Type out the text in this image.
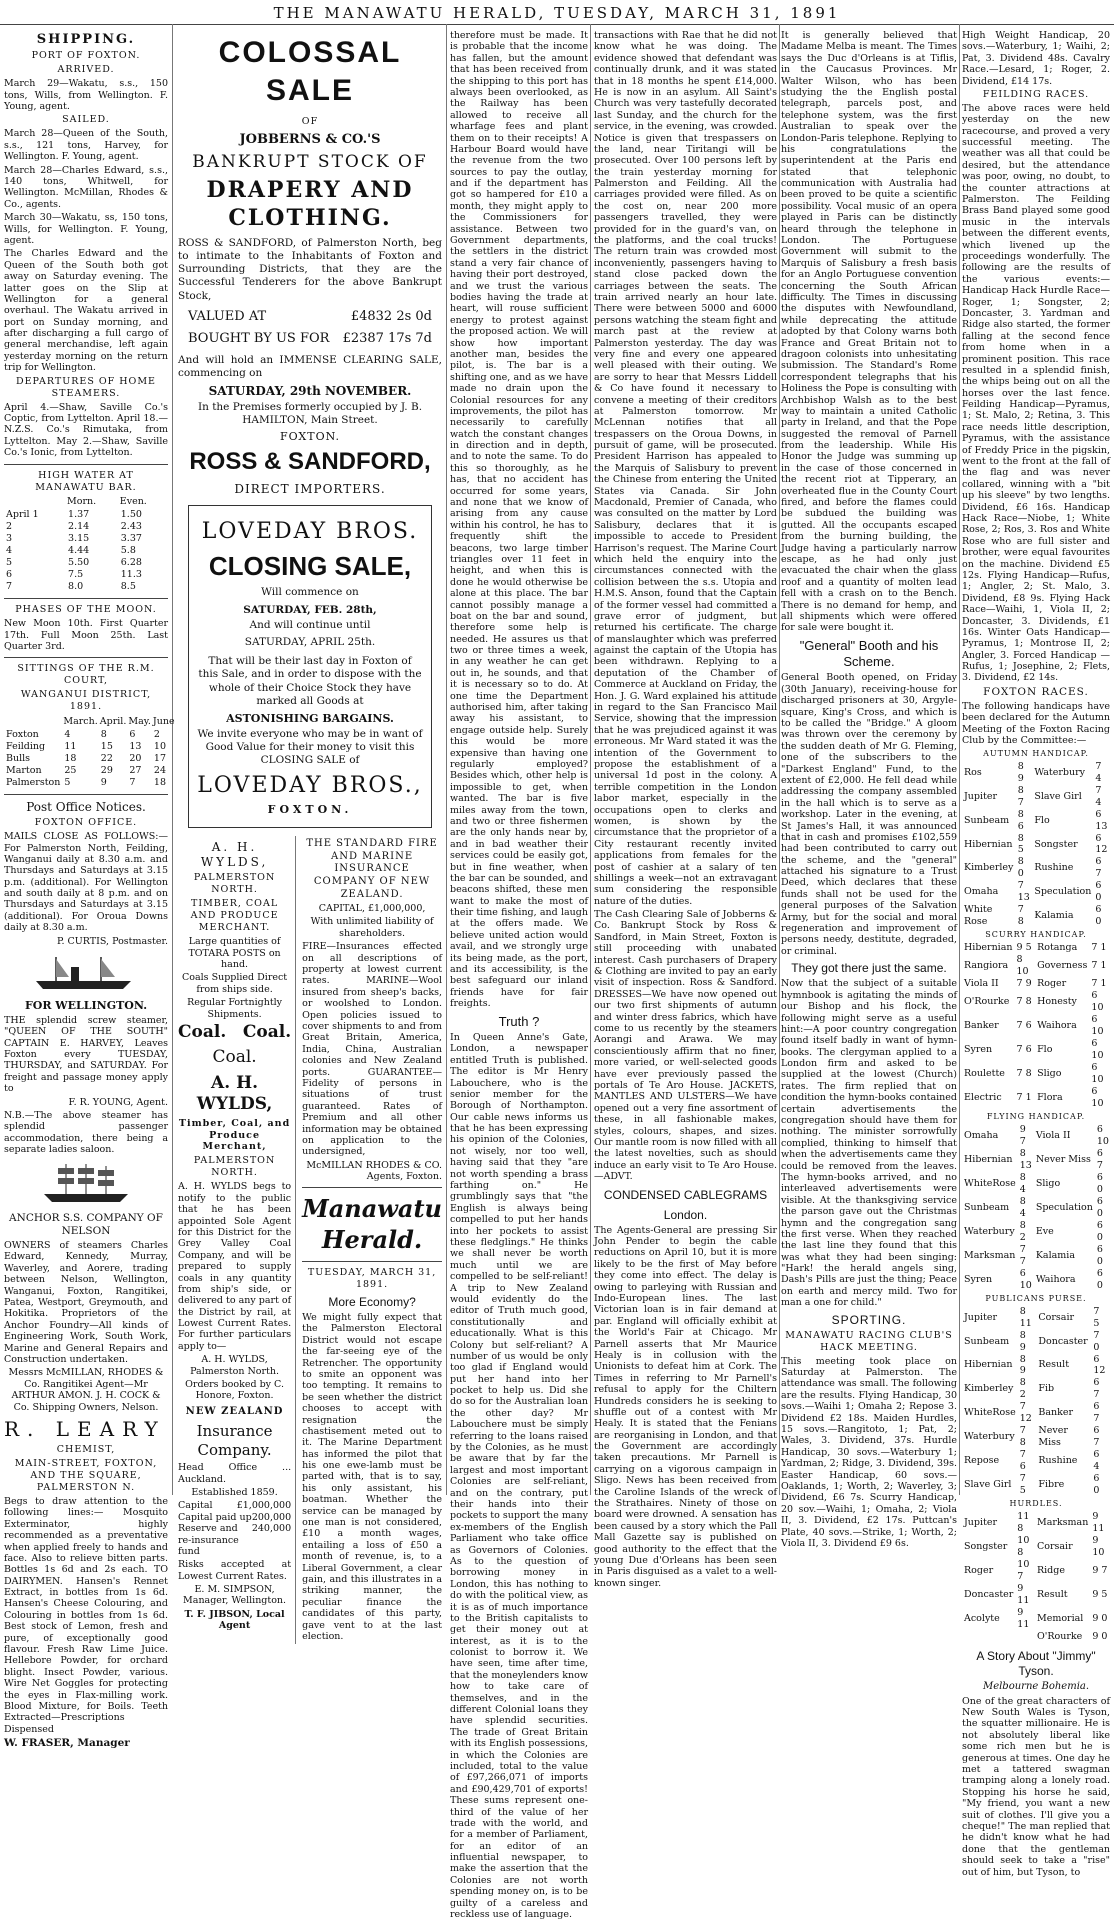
THE MANAWATU HERALD, TUESDAY, MARCH 31, 1891
SHIPPING.
PORT OF FOXTON.
ARRIVED.

March 29—Wakatu, s.s., 150 tons, Wills, from Wellington. F. Young, agent.

SAILED.

March 28—Queen of the South, s.s., 121 tons, Harvey, for Wellington. F. Young, agent.

March 28—Charles Edward, s.s., 140 tons, Whitwell, for Wellington. McMillan, Rhodes & Co., agents.

March 30—Wakatu, ss, 150 tons, Wills, for Wellington. F. Young, agent.

The Charles Edward and the Queen of the South both got away on Saturday evening. The latter goes on the Slip at Wellington for a general overhaul. The Wakatu arrived in port on Sunday morning, and after discharging a full cargo of general merchandise, left again yesterday morning on the return trip for Wellington.

DEPARTURES OF HOME STEAMERS.

April 4.—Shaw, Saville Co.'s Coptic, from Lyttelton. April 18.—N.Z.S. Co.'s Rimutaka, from Lyttelton. May 2.—Shaw, Saville Co.'s Ionic, from Lyttelton.

HIGH WATER AT MANAWATU BAR.
	Morn.	Even.
April 1	1.37	1.50
2	2.14	2.43
3	3.15	3.37
4	4.44	5.8
5	5.50	6.28
6	7.5	11.3
7	8.0	8.5
PHASES OF THE MOON.

New Moon 10th. First Quarter 17th. Full Moon 25th. Last Quarter 3rd.

SITTINGS OF THE R.M. COURT,
WANGANUI DISTRICT, 1891.
	March.	April.	May.	June
Foxton	4	8	6	2
Feilding	11	15	13	10
Bulls	18	22	20	17
Marton	25	29	27	24
Palmerston	5	9	7	18
Post Office Notices.
FOXTON OFFICE.

MAILS CLOSE AS FOLLOWS:— For Palmerston North, Feilding, Wanganui daily at 8.30 a.m. and Thursdays and Saturdays at 3.15 p.m. (additional). For Wellington and south daily at 8 p.m. and on Thursdays and Saturdays at 3.15 (additional). For Oroua Downs daily at 8.30 a.m.

P. CURTIS, Postmaster.

FOR WELLINGTON.

THE splendid screw steamer, "QUEEN OF THE SOUTH" CAPTAIN E. HARVEY, Leaves Foxton every TUESDAY, THURSDAY, and SATURDAY. For freight and passage money apply to

F. R. YOUNG, Agent.

N.B.—The above steamer has splendid passenger accommodation, there being a separate ladies saloon.

ANCHOR S.S. COMPANY OF NELSON

OWNERS of steamers Charles Edward, Kennedy, Murray, Waverley, and Aorere, trading between Nelson, Wellington, Wanganui, Foxton, Rangitikei, Patea, Westport, Greymouth, and Hokitika. Proprietors of the Anchor Foundry—All kinds of Engineering Work, South Work, Marine and General Repairs and Construction undertaken.

Messrs McMILLAN, RHODES & Co. Rangitikei Agent—Mr ARTHUR AMON. J. H. COCK & Co. Shipping Owners, Nelson.

R. LEARY
CHEMIST,
MAIN-STREET, FOXTON, AND THE SQUARE, PALMERSTON N.

Begs to draw attention to the following lines:— Mosquito Exterminator, highly recommended as a preventative when applied freely to hands and face. Also to relieve bitten parts. Bottles 1s 6d and 2s each. TO DAIRYMEN. Hansen's Rennet Extract, in bottles from 1s 6d. Hansen's Cheese Colouring, and Colouring in bottles from 1s 6d. Best stock of Lemon, fresh and pure, of exceptionally good flavour. Fresh Raw Lime Juice. Hellebore Powder, for orchard blight. Insect Powder, various. Wire Net Goggles for protecting the eyes in Flax-milling work. Blood Mixture, for Boils. Teeth Extracted—Prescriptions Dispensed

W. FRASER, Manager

COLOSSAL SALE
OF
JOBBERNS & CO.'S
BANKRUPT STOCK OF
DRAPERY AND CLOTHING.

ROSS & SANDFORD, of Palmerston North, beg to intimate to the Inhabitants of Foxton and Surrounding Districts, that they are the Successful Tenderers for the above Bankrupt Stock,

VALUED AT	£4832 2s 0d
BOUGHT BY US FOR £2387 17s 7d

And will hold an IMMENSE CLEARING SALE, commencing on

SATURDAY, 29th NOVEMBER.

In the Premises formerly occupied by J. B. HAMILTON, Main Street.

FOXTON.
ROSS & SANDFORD,
DIRECT IMPORTERS.
LOVEDAY BROS.
CLOSING SALE,
Will commence on
SATURDAY, FEB. 28th,
And will continue until
SATURDAY, APRIL 25th.

That will be their last day in Foxton of this Sale, and in order to dispose with the whole of their Choice Stock they have marked all Goods at

ASTONISHING BARGAINS.

We invite everyone who may be in want of Good Value for their money to visit this CLOSING SALE of

LOVEDAY BROS.,
FOXTON.
A. H. WYLDS,
PALMERSTON NORTH.
TIMBER, COAL AND PRODUCE MERCHANT.

Large quantities of TOTARA POSTS on hand.

Coals Supplied Direct from ships side.

Regular Fortnightly Shipments.

Coal. Coal.
Coal.
A. H. WYLDS,
Timber, Coal, and Produce Merchant,
PALMERSTON NORTH.

A. H. WYLDS begs to notify to the public that he has been appointed Sole Agent for this District for the Grey Valley Coal Company, and will be prepared to supply coals in any quantity from ship's side, or delivered to any part of the District by rail, at Lowest Current Rates. For further particulars apply to—

A. H. WYLDS, Palmerston North.

Orders booked by C. Honore, Foxton.

NEW ZEALAND
Insurance Company.

Head Office ... Auckland.

Established 1859.

Capital	£1,000,000
Capital paid up 200,000
Reserve and re-insurance fund
240,000

Risks accepted at Lowest Current Rates.

E. M. SIMPSON, Manager, Wellington.

T. F. JIBSON, Local Agent

THE STANDARD FIRE AND MARINE INSURANCE COMPANY OF NEW ZEALAND.

CAPITAL, £1,000,000,

With unlimited liability of shareholders.

FIRE—Insurances effected on all descriptions of property at lowest current rates. MARINE—Wool insured from sheep's backs, or woolshed to London. Open policies issued to cover shipments to and from Great Britain, America, India, China, Australian colonies and New Zealand ports. GUARANTEE—Fidelity of persons in situations of trust guaranteed. Rates of Premium and all other information may be obtained on application to the undersigned,

McMILLAN RHODES & CO. Agents, Foxton.

Manawatu Herald.
TUESDAY, MARCH 31, 1891.
More Economy?

We might fully expect that the Palmerston Electoral District would not escape the far-seeing eye of the Retrencher. The opportunity to smite an opponent was too tempting. It remains to be seen whether the district chooses to accept with resignation the chastisement meted out to it. The Marine Department has informed the pilot that his one ewe-lamb must be parted with, that is to say, his only assistant, his boatman. Whether the service can be managed by one man is not considered, £10 a month wages, entailing a loss of £50 a month of revenue, is, to a Liberal Government, a clear gain, and this illustrates in a striking manner, the peculiar finance the candidates of this party, gave vent to at the last election.

therefore must be made. It is probable that the income has fallen, but the amount that has been received from the shipping to this port has always been overlooked, as the Railway has been allowed to receive all wharfage fees and plant them on to their receipts! A Harbour Board would have the revenue from the two sources to pay the outlay, and if the department has got so hampered for £10 a month, they might apply to the Commissioners for assistance. Between two Government departments, the settlers in the district stand a very fair chance of having their port destroyed, and we trust the various bodies having the trade at heart, will rouse sufficient energy to protest against the proposed action. We will show how important another man, besides the pilot, is. The bar is a shifting one, and as we have made no drain upon the Colonial resources for any improvements, the pilot has necessarily to carefully watch the constant changes in direction and in depth, and to note the same. To do this so thoroughly, as he has, that no accident has occurred for some years, and none that we know of arising from any cause within his control, he has to frequently shift the beacons, two large timber triangles over 11 feet in height, and when this is done he would otherwise be alone at this place. The bar cannot possibly manage a boat on the bar and sound, therefore some help is needed. He assures us that two or three times a week, in any weather he can get out in, he sounds, and that it is necessary so to do. At one time the Department authorised him, after taking away his assistant, to engage outside help. Surely this would be more expensive than having one regularly employed? Besides which, other help is impossible to get, when wanted. The bar is five miles away from the town, and two or three fishermen are the only hands near by, and in bad weather their services could be easily got, but in fine weather, when the bar can be sounded, and beacons shifted, these men want to make the most of their time fishing, and laugh at the offers made. We believe united action would avail, and we strongly urge its being made, as the port, and its accessibility, is the best safeguard our inland friends have for fair freights.

Truth ?

In Queen Anne's Gate, London, a newspaper entitled Truth is published. The editor is Mr Henry Labouchere, who is the senior member for the Borough of Northampton. Our cable news informs us that he has been expressing his opinion of the Colonies, not wisely, nor too well, having said that they "are not worth spending a brass farthing on." He grumblingly says that "the English is always being compelled to put her hands into her pockets to assist these fledglings." He thinks we shall never be worth much until we are compelled to be self-reliant! A trip to New Zealand would evidently do the editor of Truth much good, constitutionally and educationally. What is this Colony but self-reliant? A number of us would be only too glad if England would put her hand into her pocket to help us. Did she do so for the Australian loan the other day? Mr Labouchere must be simply referring to the loans raised by the Colonies, as he must be aware that by far the largest and most important Colonies are self-reliant, and on the contrary, put their hands into their pockets to support the many ex-members of the English Parliament who take office as Governors of Colonies. As to the question of borrowing money in London, this has nothing to do with the political view, as it is as of much importance to the British capitalists to get their money out at interest, as it is to the colonist to borrow it. We have seen, time after time, that the moneylenders know how to take care of themselves, and in the different Colonial loans they have splendid securities. The trade of Great Britain with its English possessions, in which the Colonies are included, total to the value of £97,266,071 of imports and £90,429,701 of exports! These sums represent one-third of the value of her trade with the world, and for a member of Parliament, for an editor of an influential newspaper, to make the assertion that the Colonies are not worth spending money on, is to be guilty of a careless and reckless use of language.

transactions with Rae that he did not know what he was doing. The evidence showed that defendant was continually drunk, and it was stated that in 18 months he spent £14,000. He is now in an asylum. All Saint's Church was very tastefully decorated last Sunday, and the church for the service, in the evening, was crowded. Notice is given that trespassers on the land, near Tiritangi will be prosecuted. Over 100 persons left by the train yesterday morning for Palmerston and Feilding. All the carriages provided were filled. As on the cost on, near 200 more passengers travelled, they were provided for in the guard's van, on the platforms, and the coal trucks! The return train was crowded most inconveniently, passengers having to stand close packed down the carriages between the seats. The train arrived nearly an hour late. There were between 5000 and 6000 persons watching the steam fight and march past at the review at Palmerston yesterday. The day was very fine and every one appeared well pleased with their outing. We are sorry to hear that Messrs Liddell & Co have found it necessary to convene a meeting of their creditors at Palmerston tomorrow. Mr McLennan notifies that all trespassers on the Oroua Downs, in pursuit of game, will be prosecuted. President Harrison has appealed to the Marquis of Salisbury to prevent the Chinese from entering the United States via Canada. Sir John Macdonald, Premier of Canada, who was consulted on the matter by Lord Salisbury, declares that it is impossible to accede to President Harrison's request. The Marine Court which held the enquiry into the circumstances connected with the collision between the s.s. Utopia and H.M.S. Anson, found that the Captain of the former vessel had committed a grave error of judgment, but returned his certificate. The charge of manslaughter which was preferred against the captain of the Utopia has been withdrawn. Replying to a deputation of the Chamber of Commerce at Auckland on Friday, the Hon. J. G. Ward explained his attitude in regard to the San Francisco Mail Service, showing that the impression that he was prejudiced against it was erroneous. Mr Ward stated it was the intention of the Government to propose the establishment of a universal 1d post in the colony. A terrible competition in the London labor market, especially in the occupations open to clerks and women, is shown by the circumstance that the proprietor of a City restaurant recently invited applications from females for the post of cashier at a salary of ten shillings a week—not an extravagant sum considering the responsible nature of the duties.

The Cash Clearing Sale of Jobberns & Co. Bankrupt Stock by Ross & Sandford, in Main Street, Foxton is still proceeding with unabated interest. Cash purchasers of Drapery & Clothing are invited to pay an early visit of inspection. Ross & Sandford. DRESSES—We have now opened out our two first shipments of autumn and winter dress fabrics, which have come to us recently by the steamers Aorangi and Arawa. We may conscientiously affirm that no finer, more varied, or well-selected goods have ever previously passed the portals of Te Aro House. JACKETS, MANTLES AND ULSTERS—We have opened out a very fine assortment of these, in all fashionable makes, styles, colours, shapes, and sizes. Our mantle room is now filled with all the latest novelties, such as should induce an early visit to Te Aro House.—ADVT.

CONDENSED CABLEGRAMS
London.

The Agents-General are pressing Sir John Pender to begin the cable reductions on April 10, but it is more likely to be the first of May before they come into effect. The delay is owing to parleying with Russian and Indo-European lines. The last Victorian loan is in fair demand at par. England will officially exhibit at the World's Fair at Chicago. Mr Parnell asserts that Mr Maurice Healy is in collusion with the Unionists to defeat him at Cork. The Times in referring to Mr Parnell's refusal to apply for the Chiltern Hundreds considers he is seeking to shuffle out of a contest with Mr Healy. It is stated that the Fenians are reorganising in London, and that the Government are accordingly taken precautions. Mr Parnell is carrying on a vigorous campaign in Sligo. News has been received from the Caroline Islands of the wreck of the Strathaires. Ninety of those on board were drowned. A sensation has been caused by a story which the Pall Mall Gazette say is published on good authority to the effect that the young Due d'Orleans has been seen in Paris disguised as a valet to a well-known singer.

It is generally believed that Madame Melba is meant. The Times says the Duc d'Orleans is at Tiflis, in the Caucasus Provinces. Mr Walter Wilson, who has been studying the the English postal telegraph, parcels post, and telephone system, was the first Australian to speak over the London-Paris telephone. Replying to his congratulations the superintendent at the Paris end stated that telephonic communication with Australia had been proved to be quite a scientific possibility. Vocal music of an opera played in Paris can be distinctly heard through the telephone in London. The Portuguese Government will submit to the Marquis of Salisbury a fresh basis for an Anglo Portuguese convention concerning the South African difficulty. The Times in discussing the disputes with Newfoundland, while deprecating the attitude adopted by that Colony warns both France and Great Britain not to dragoon colonists into unhesitating submission. The Standard's Rome correspondent telegraphs that his Holiness the Pope is consulting with Archbishop Walsh as to the best way to maintain a united Catholic party in Ireland, and that the Pope suggested the removal of Parnell from the leadership. While His Honor the Judge was summing up in the case of those concerned in the recent riot at Tipperary, an overheated flue in the County Court fired, and before the flames could be subdued the building was gutted. All the occupants escaped from the burning building, the Judge having a particularly narrow escape, as he had only just evacuated the chair when the glass roof and a quantity of molten lead fell with a crash on to the Bench. There is no demand for hemp, and all shipments which were offered for sale were bought it.

"General" Booth and his Scheme.

General Booth opened, on Friday (30th January), receiving-house for discharged prisoners at 30, Argyle-square, King's Cross, and which is to be called the "Bridge." A gloom was thrown over the ceremony by the sudden death of Mr G. Fleming, one of the subscribers to the "Darkest England" Fund, to the extent of £2,000. He fell dead while addressing the company assembled in the hall which is to serve as a workshop. Later in the evening, at St James's Hall, it was announced that in cash and promises £102,559 had been contributed to carry out the scheme, and the "general" attached his signature to a Trust Deed, which declares that these funds shall not be used for the general purposes of the Salvation Army, but for the social and moral regeneration and improvement of persons needy, destitute, degraded, or criminal.

They got there just the same.

Now that the subject of a suitable hymnbook is agitating the minds of our Bishop and his flock, the following might serve as a useful hint:—A poor country congregation found itself badly in want of hymn-books. The clergyman applied to a London firm and asked to be supplied at the lowest (Church) rates. The firm replied that on condition the hymn-books contained certain advertisements the congregation should have them for nothing. The minister sorrowfully complied, thinking to himself that when the advertisements came they could be removed from the leaves. The hymn-books arrived, and no interleaved advertisements were visible. At the thanksgiving service the parson gave out the Christmas hymn and the congregation sang the first verse. When they reached the last line they found that this was what they had been singing: "Hark! the herald angels sing, Dash's Pills are just the thing; Peace on earth and mercy mild. Two for man a one for child."

SPORTING.
MANAWATU RACING CLUB'S HACK MEETING.

This meeting took place on Saturday at Palmerston. The attendance was small. The following are the results. Flying Handicap, 30 sovs.—Waihi 1; Omaha 2; Repose 3. Dividend £2 18s. Maiden Hurdles, 15 sovs.—Rangitoto, 1; Pat, 2; Wales, 3. Dividend, 37s. Hurdle Handicap, 30 sovs.—Waterbury 1; Yardman, 2; Ridge, 3. Dividend, 39s. Easter Handicap, 60 sovs.—Oaklands, 1; Worth, 2; Waverley, 3; Dividend, £6 7s. Scurry Handicap, 20 sov.—Waihi, 1; Omaha, 2; Viola II, 3. Dividend, £2 17s. Puttcan's Plate, 40 sovs.—Strike, 1; Worth, 2; Viola II, 3. Dividend £9 6s.

High Weight Handicap, 20 sovs.—Waterbury, 1; Waihi, 2; Pat, 3. Dividend 48s. Cavalry Race.—Lesard, 1; Roger, 2. Dividend, £14 17s.

FEILDING RACES.

The above races were held yesterday on the new racecourse, and proved a very successful meeting. The weather was all that could be desired, but the attendance was poor, owing, no doubt, to the counter attractions at Palmerston. The Feilding Brass Band played some good music in the intervals between the different events, which livened up the proceedings wonderfully. The following are the results of the various events:— Handicap Hack Hurdle Race—Roger, 1; Songster, 2; Doncaster, 3. Yardman and Ridge also started, the former falling at the second fence from home when in a prominent position. This race resulted in a splendid finish, the whips being out on all the horses over the last fence. Feilding Handicap—Pyramus, 1; St. Malo, 2; Retina, 3. This race needs little description, Pyramus, with the assistance of Freddy Price in the pigskin, went to the front at the fall of the flag and was never collared, winning with a "bit up his sleeve" by two lengths. Dividend, £6 16s. Handicap Hack Race—Niobe, 1; White Rose, 2; Ros, 3. Ros and White Rose who are full sister and brother, were equal favourites on the machine. Dividend £5 12s. Flying Handicap—Rufus, 1; Angler, 2; St. Malo, 3. Dividend, £8 9s. Flying Hack Race—Waihi, 1, Viola II, 2; Doncaster, 3. Dividends, £1 16s. Winter Oats Handicap—Pyramus, 1; Montrose II, 2; Angler, 3. Forced Handicap — Rufus, 1; Josephine, 2; Flets, 3. Dividend, £2 14s.

FOXTON RACES.

The following handicaps have been declared for the Autumn Meeting of the Foxton Racing Club by the Committee:—

AUTUMN HANDICAP.
Ros	8 9	Waterbury	7 4
Jupiter	8 7	Slave Girl	7 4
Sunbeam	8 6	Flo	6 13
Hibernian	8 5	Songster	6 12
Kimberley	8 0	Rushine	6 7
Omaha	7 13	Speculation	6 0
White Rose	7 8	Kalamia	6 0
SCURRY HANDICAP.
Hibernian	9 5	Rotanga	7 1
Rangiora	8 10	Governess	7 1
Viola II	7 9	Roger	7 1
O'Rourke	7 8	Honesty	6 10
Banker	7 6	Waihora	6 10
Syren	7 6	Flo	6 10
Roulette	7 8	Sligo	6 10
Electric	7 1	Flora	6 10
FLYING HANDICAP.
Omaha	9 7	Viola II	6 10
Hibernian	8 13	Never Miss	6 7
WhiteRose	8 4	Sligo	6 0
Sunbeam	8 4	Speculation	6 0
Waterbury	8 2	Eve	6 0
Marksman	7 7	Kalamia	6 0
Syren	6 10	Waihora	6 0
PUBLICANS PURSE.
Jupiter	8 11	Corsair	7 5
Sunbeam	8 9	Doncaster	7 0
Hibernian	8 9	Result	6 12
Kimberley	8 2	Fib	6 7
WhiteRose	7 12	Banker	6 7
Waterbury	7 8	Never Miss	6 7
Repose	7 6	Rushine	6 4
Slave Girl	7 5	Fibre	6 0
HURDLES.
Jupiter	11 8	Marksman	9 11
Songster	10 8	Corsair	9 10
Roger	10 7	Ridge	9 7
Doncaster	9 11	Result	9 5
Acolyte	9 11	Memorial	9 0
		O'Rourke	9 0
A Story About "Jimmy" Tyson.
Melbourne Bohemia.

One of the great characters of New South Wales is Tyson, the squatter millionaire. He is not absolutely liberal like some rich men but he is generous at times. One day he met a tattered swagman tramping along a lonely road. Stopping his horse he said, "My friend, you want a new suit of clothes. I'll give you a cheque!" The man replied that he didn't know what he had done that the gentleman should seek to take a "rise" out of him, but Tyson, to
